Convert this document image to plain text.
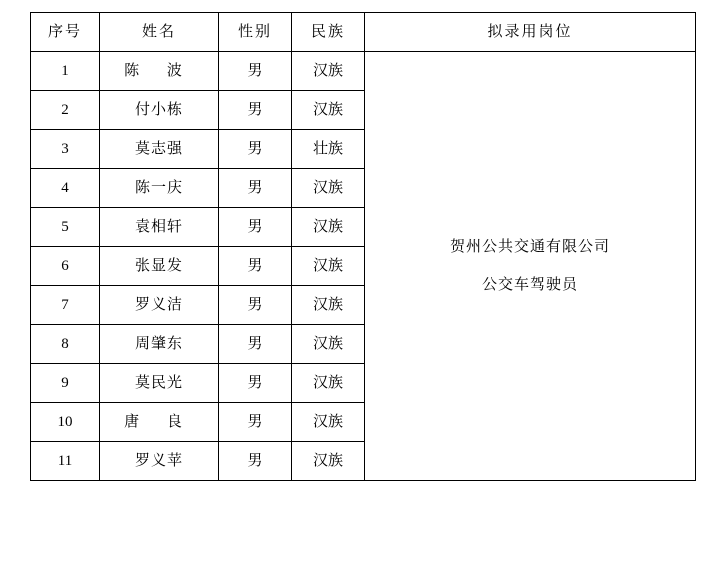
序号	姓名	性别	民族	拟录用岗位
1	陈 波	男	汉族	贺州公共交通有限公司
公交车驾驶员

2	付小栋	男	汉族	
3	莫志强	男	壮族	
4	陈一庆	男	汉族	
5	袁相轩	男	汉族	
6	张显发	男	汉族	
7	罗义洁	男	汉族	
8	周肇东	男	汉族	
9	莫民光	男	汉族	
10	唐 良	男	汉族	
11	罗义苹	男	汉族	
